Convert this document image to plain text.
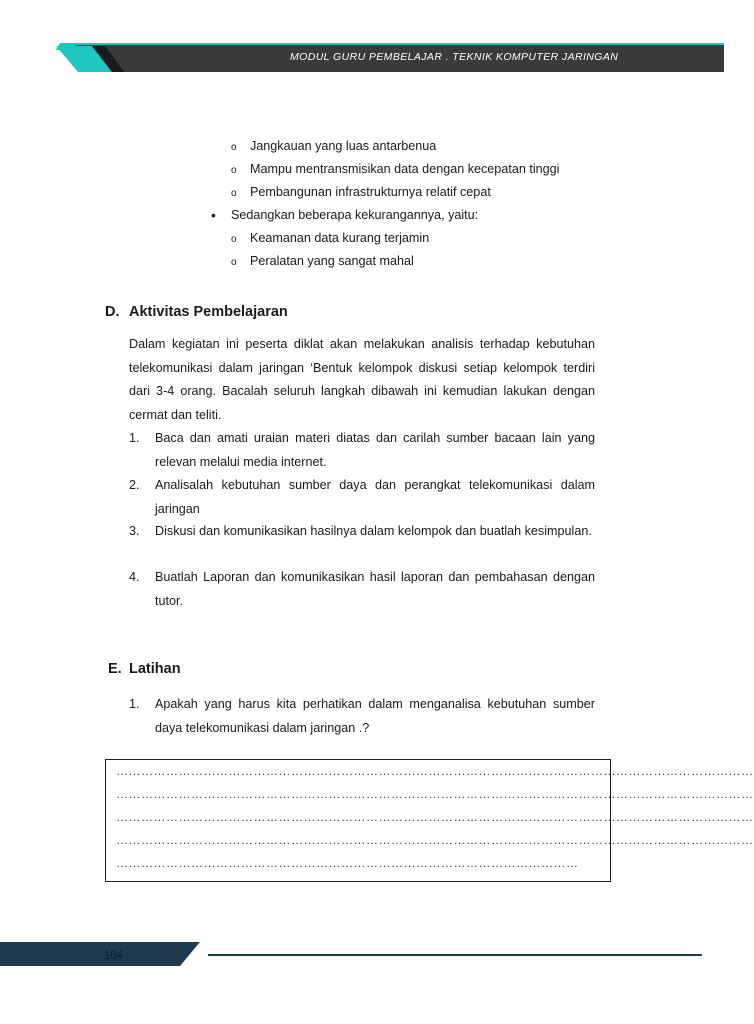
MODUL GURU PEMBELAJAR . TEKNIK KOMPUTER JARINGAN
o Jangkauan yang luas antarbenua
o Mampu mentransmisikan data dengan kecepatan tinggi
o Pembangunan infrastrukturnya relatif cepat
• Sedangkan beberapa kekurangannya, yaitu:
o Keamanan data kurang terjamin
o Peralatan yang sangat mahal
D. Aktivitas Pembelajaran

Dalam kegiatan ini peserta diklat akan melakukan analisis terhadap kebutuhan telekomunikasi dalam jaringan ‘Bentuk kelompok diskusi setiap kelompok terdiri dari 3-4 orang. Bacalah seluruh langkah dibawah ini kemudian lakukan dengan cermat dan teliti.

1. Baca dan amati uraian materi diatas dan carilah sumber bacaan lain yang relevan melalui media internet.

2. Analisalah kebutuhan sumber daya dan perangkat telekomunikasi dalam jaringan

3. Diskusi dan komunikasikan hasilnya dalam kelompok dan buatlah kesimpulan.

4. Buatlah Laporan dan komunikasikan hasil laporan dan pembahasan dengan tutor.

E. Latihan
1. Apakah yang harus kita perhatikan dalam menganalisa kebutuhan sumber daya telekomunikasi dalam jaringan .?

………………………………………………………………………………………………………………………………………
………………………………………………………………………………………………………………………………………
………………………………………………………………………………………………………………………………………
………………………………………………………………………………………………………………………………………
…………………………………………………………………………………………………
104
